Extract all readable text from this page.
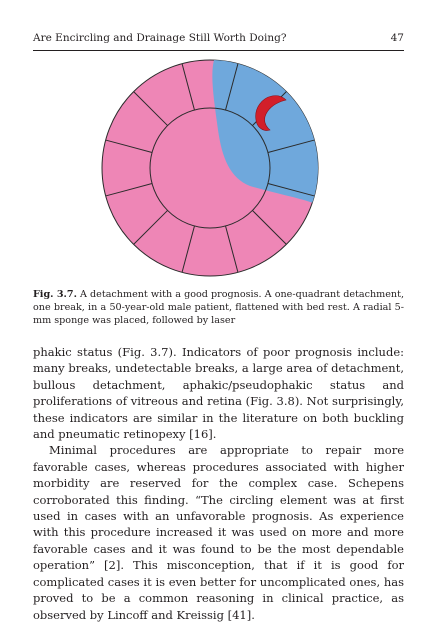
Are Encircling and Drainage Still Worth Doing?	47
Fig. 3.7. A detachment with a good prognosis. A one-quadrant detachment, one break, in a 50-year-old male patient, flattened with bed rest. A radial 5-mm sponge was placed, followed by laser

phakic status (Fig. 3.7). Indicators of poor prognosis include: many breaks, undetectable breaks, a large area of detachment, bullous detachment, aphakic/pseudophakic status and proliferations of vitreous and retina (Fig. 3.8). Not surprisingly, these indicators are similar in the literature on both buckling and pneumatic retinopexy [16].

Minimal procedures are appropriate to repair more favorable cases, whereas procedures associated with higher morbidity are reserved for the complex case. Schepens corroborated this finding. “The circling element was at first used in cases with an unfavorable prognosis. As experience with this procedure increased it was used on more and more favorable cases and it was found to be the most dependable operation” [2]. This misconception, that if it is good for complicated cases it is even better for uncomplicated ones, has proved to be a common reasoning in clinical practice, as observed by Lincoff and Kreissig [41].
